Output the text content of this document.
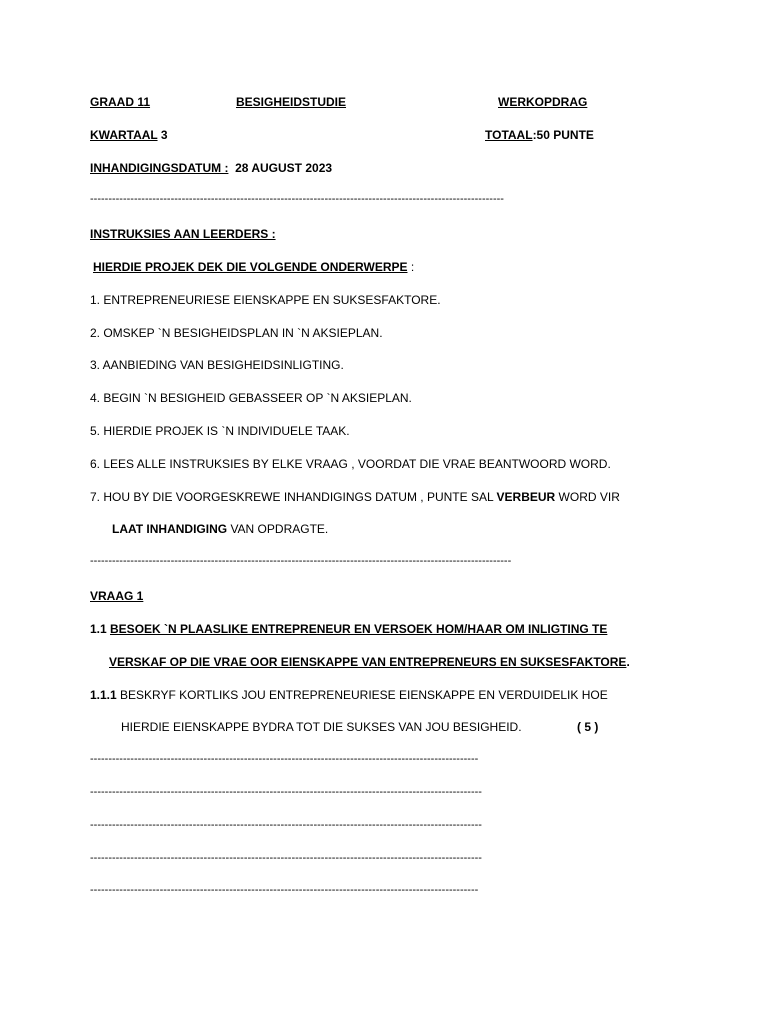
GRAAD 11	BESIGHEIDSTUDIE	WERKOPDRAG
KWARTAAL 3	TOTAAL:50 PUNTE
INHANDIGINGSDATUM : 28 AUGUST 2023
-----------------------------------------------------------------------------------------------------------------
INSTRUKSIES AAN LEERDERS :
HIERDIE PROJEK DEK DIE VOLGENDE ONDERWERPE :
1. ENTREPRENEURIESE EIENSKAPPE EN SUKSESFAKTORE.
2. OMSKEP `N BESIGHEIDSPLAN IN `N AKSIEPLAN.
3. AANBIEDING VAN BESIGHEIDSINLIGTING.
4. BEGIN `N BESIGHEID GEBASSEER OP `N AKSIEPLAN.
5. HIERDIE PROJEK IS `N INDIVIDUELE TAAK.
6. LEES ALLE INSTRUKSIES BY ELKE VRAAG , VOORDAT DIE VRAE BEANTWOORD WORD.
7. HOU BY DIE VOORGESKREWE INHANDIGINGS DATUM , PUNTE SAL VERBEUR WORD VIR
LAAT INHANDIGING VAN OPDRAGTE.
-------------------------------------------------------------------------------------------------------------------
VRAAG 1
1.1 BESOEK `N PLAASLIKE ENTREPRENEUR EN VERSOEK HOM/HAAR OM INLIGTING TE
VERSKAF OP DIE VRAE OOR EIENSKAPPE VAN ENTREPRENEURS EN SUKSESFAKTORE.
1.1.1 BESKRYF KORTLIKS JOU ENTREPRENEURIESE EIENSKAPPE EN VERDUIDELIK HOE
HIERDIE EIENSKAPPE BYDRA TOT DIE SUKSES VAN JOU BESIGHEID.	( 5 )
----------------------------------------------------------------------------------------------------------
-----------------------------------------------------------------------------------------------------------
-----------------------------------------------------------------------------------------------------------
-----------------------------------------------------------------------------------------------------------
----------------------------------------------------------------------------------------------------------
